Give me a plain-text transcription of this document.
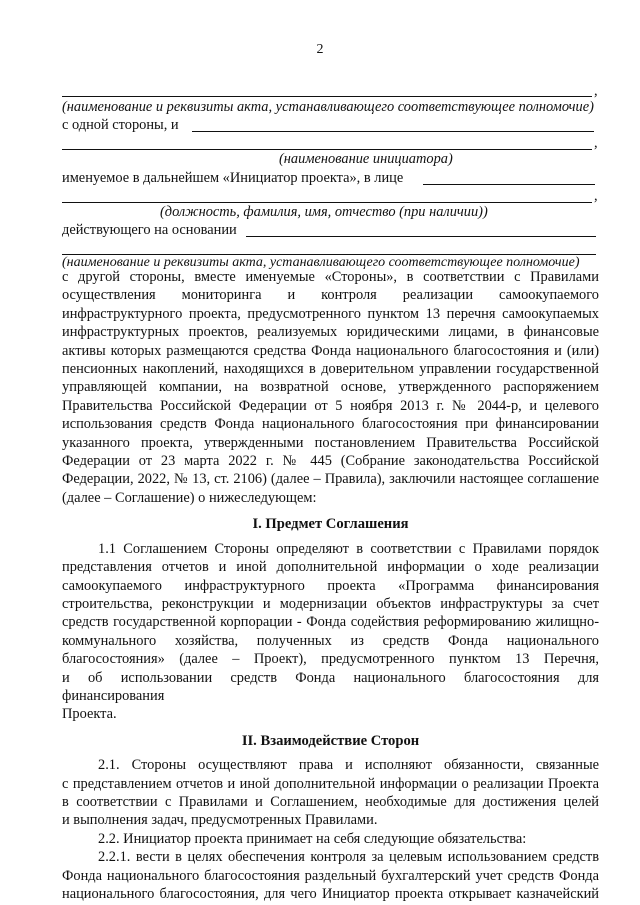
2
,
(наименование и реквизиты акта, устанавливающего соответствующее полномочие)
с одной стороны, и
,
(наименование инициатора)
именуемое в дальнейшем «Инициатор проекта», в лице
,
(должность, фамилия, имя, отчество (при наличии))
действующего на основании
(наименование и реквизиты акта, устанавливающего соответствующее полномочие)

с другой стороны, вместе именуемые «Стороны», в соответствии с Правилами

осуществления мониторинга и контроля реализации самоокупаемого

инфраструктурного проекта, предусмотренного пунктом 13 перечня самоокупаемых

инфраструктурных проектов, реализуемых юридическими лицами, в финансовые

активы которых размещаются средства Фонда национального благосостояния и (или)

пенсионных накоплений, находящихся в доверительном управлении государственной

управляющей компании, на возвратной основе, утвержденного распоряжением

Правительства Российской Федерации от 5 ноября 2013 г. № 2044-р, и целевого

использования средств Фонда национального благосостояния при финансировании

указанного проекта, утвержденными постановлением Правительства Российской

Федерации от 23 марта 2022 г. № 445 (Собрание законодательства Российской

Федерации, 2022, № 13, ст. 2106) (далее – Правила), заключили настоящее соглашение

(далее – Соглашение) о нижеследующем:

I. Предмет Соглашения

1.1 Соглашением Стороны определяют в соответствии с Правилами порядок

представления отчетов и иной дополнительной информации о ходе реализации

самоокупаемого инфраструктурного проекта «Программа финансирования

строительства, реконструкции и модернизации объектов инфраструктуры за счет

средств государственной корпорации - Фонда содействия реформированию жилищно-

коммунального хозяйства, полученных из средств Фонда национального

благосостояния» (далее – Проект), предусмотренного пунктом 13 Перечня,

и об использовании средств Фонда национального благосостояния для финансирования

Проекта.

II. Взаимодействие Сторон

2.1. Стороны осуществляют права и исполняют обязанности, связанные

с представлением отчетов и иной дополнительной информации о реализации Проекта

в соответствии с Правилами и Соглашением, необходимые для достижения целей

и выполнения задач, предусмотренных Правилами.

2.2. Инициатор проекта принимает на себя следующие обязательства:

2.2.1. вести в целях обеспечения контроля за целевым использованием средств

Фонда национального благосостояния раздельный бухгалтерский учет средств Фонда

национального благосостояния, для чего Инициатор проекта открывает казначейский
